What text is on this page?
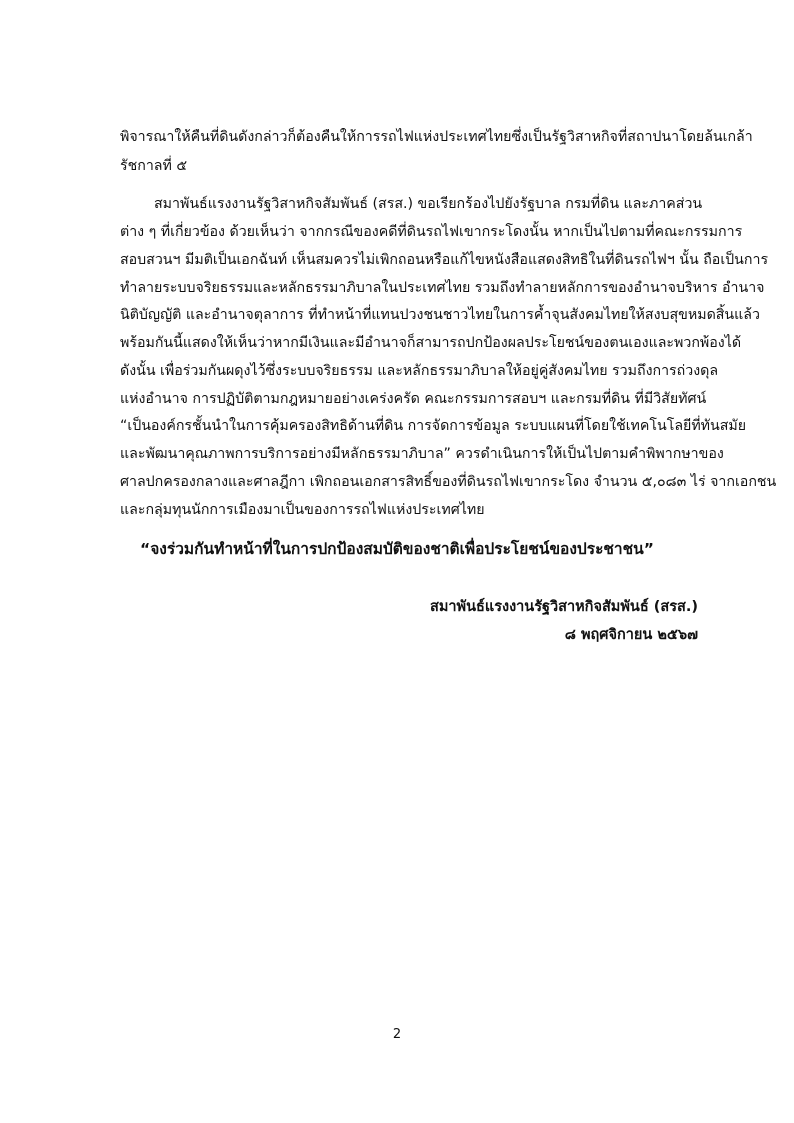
พิจารณาให้คืนที่ดินดังกล่าวก็ต้องคืนให้การรถไฟแห่งประเทศไทยซึ่งเป็นรัฐวิสาหกิจที่สถาปนาโดยล้นเกล้า
รัชกาลที่ ๕
สมาพันธ์แรงงานรัฐวิสาหกิจสัมพันธ์ (สรส.) ขอเรียกร้องไปยังรัฐบาล กรมที่ดิน และภาคส่วน
ต่าง ๆ ที่เกี่ยวข้อง ด้วยเห็นว่า จากกรณีของคดีที่ดินรถไฟเขากระโดงนั้น หากเป็นไปตามที่คณะกรรมการ
สอบสวนฯ มีมติเป็นเอกฉันท์ เห็นสมควรไม่เพิกถอนหรือแก้ไขหนังสือแสดงสิทธิในที่ดินรถไฟฯ นั้น ถือเป็นการ
ทำลายระบบจริยธรรมและหลักธรรมาภิบาลในประเทศไทย รวมถึงทำลายหลักการของอำนาจบริหาร อำนาจ
นิติบัญญัติ และอำนาจตุลาการ ที่ทำหน้าที่แทนปวงชนชาวไทยในการค้ำจุนสังคมไทยให้สงบสุขหมดสิ้นแล้ว
พร้อมกันนี้แสดงให้เห็นว่าหากมีเงินและมีอำนาจก็สามารถปกป้องผลประโยชน์ของตนเองและพวกพ้องได้
ดังนั้น เพื่อร่วมกันผดุงไว้ซึ่งระบบจริยธรรม และหลักธรรมาภิบาลให้อยู่คู่สังคมไทย รวมถึงการถ่วงดุล
แห่งอำนาจ การปฏิบัติตามกฎหมายอย่างเคร่งครัด คณะกรรมการสอบฯ และกรมที่ดิน ที่มีวิสัยทัศน์
“เป็นองค์กรชั้นนำในการคุ้มครองสิทธิด้านที่ดิน การจัดการข้อมูล ระบบแผนที่โดยใช้เทคโนโลยีที่ทันสมัย
และพัฒนาคุณภาพการบริการอย่างมีหลักธรรมาภิบาล” ควรดำเนินการให้เป็นไปตามคำพิพากษาของ
ศาลปกครองกลางและศาลฎีกา เพิกถอนเอกสารสิทธิ์ของที่ดินรถไฟเขากระโดง จำนวน ๕,๐๘๓ ไร่ จากเอกชน
และกลุ่มทุนนักการเมืองมาเป็นของการรถไฟแห่งประเทศไทย
“จงร่วมกันทำหน้าที่ในการปกป้องสมบัติของชาติเพื่อประโยชน์ของประชาชน”
สมาพันธ์แรงงานรัฐวิสาหกิจสัมพันธ์ (สรส.)
๘ พฤศจิกายน ๒๕๖๗
2
